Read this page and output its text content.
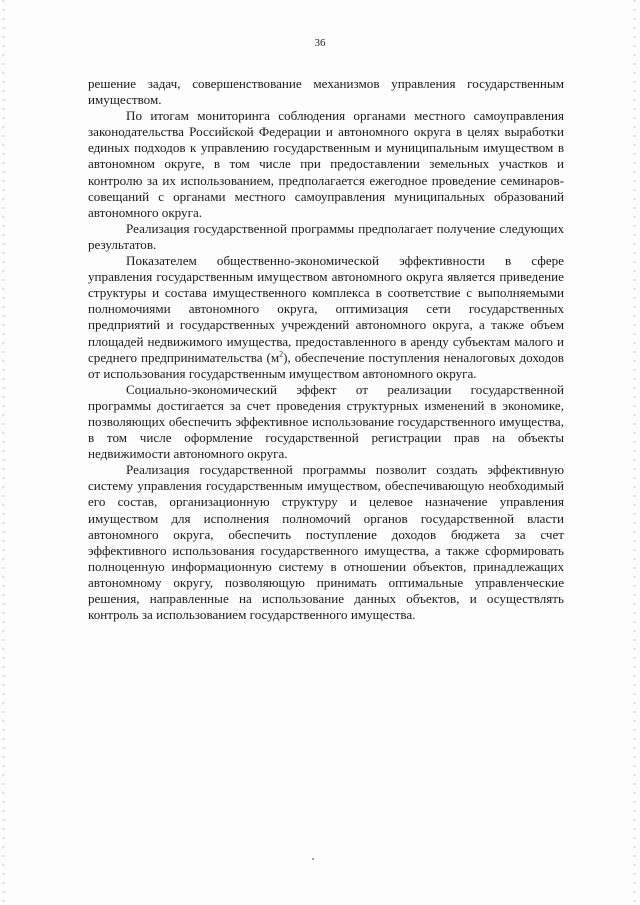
36

решение задач, совершенствование механизмов управления государственным имуществом.

По итогам мониторинга соблюдения органами местного самоуправления законодательства Российской Федерации и автономного округа в целях выработки единых подходов к управлению государственным и муниципальным имуществом в автономном округе, в том числе при предоставлении земельных участков и контролю за их использованием, предполагается ежегодное проведение семинаров-совещаний с органами местного самоуправления муниципальных образований автономного округа.

Реализация государственной программы предполагает получение следующих результатов.

Показателем общественно-экономической эффективности в сфере управления государственным имуществом автономного округа является приведение структуры и состава имущественного комплекса в соответствие с выполняемыми полномочиями автономного округа, оптимизация сети государственных предприятий и государственных учреждений автономного округа, а также объем площадей недвижимого имущества, предоставленного в аренду субъектам малого и среднего предпринимательства $(м^2)$, обеспечение поступления неналоговых доходов от использования государственным имуществом автономного округа.

Социально-экономический эффект от реализации государственной программы достигается за счет проведения структурных изменений в экономике, позволяющих обеспечить эффективное использование государственного имущества, в том числе оформление государственной регистрации прав на объекты недвижимости автономного округа.

Реализация государственной программы позволит создать эффективную систему управления государственным имуществом, обеспечивающую необходимый его состав, организационную структуру и целевое назначение управления имуществом для исполнения полномочий органов государственной власти автономного округа, обеспечить поступление доходов бюджета за счет эффективного использования государственного имущества, а также сформировать полноценную информационную систему в отношении объектов, принадлежащих автономному округу, позволяющую принимать оптимальные управленческие решения, направленные на использование данных объектов, и осуществлять контроль за использованием государственного имущества.
